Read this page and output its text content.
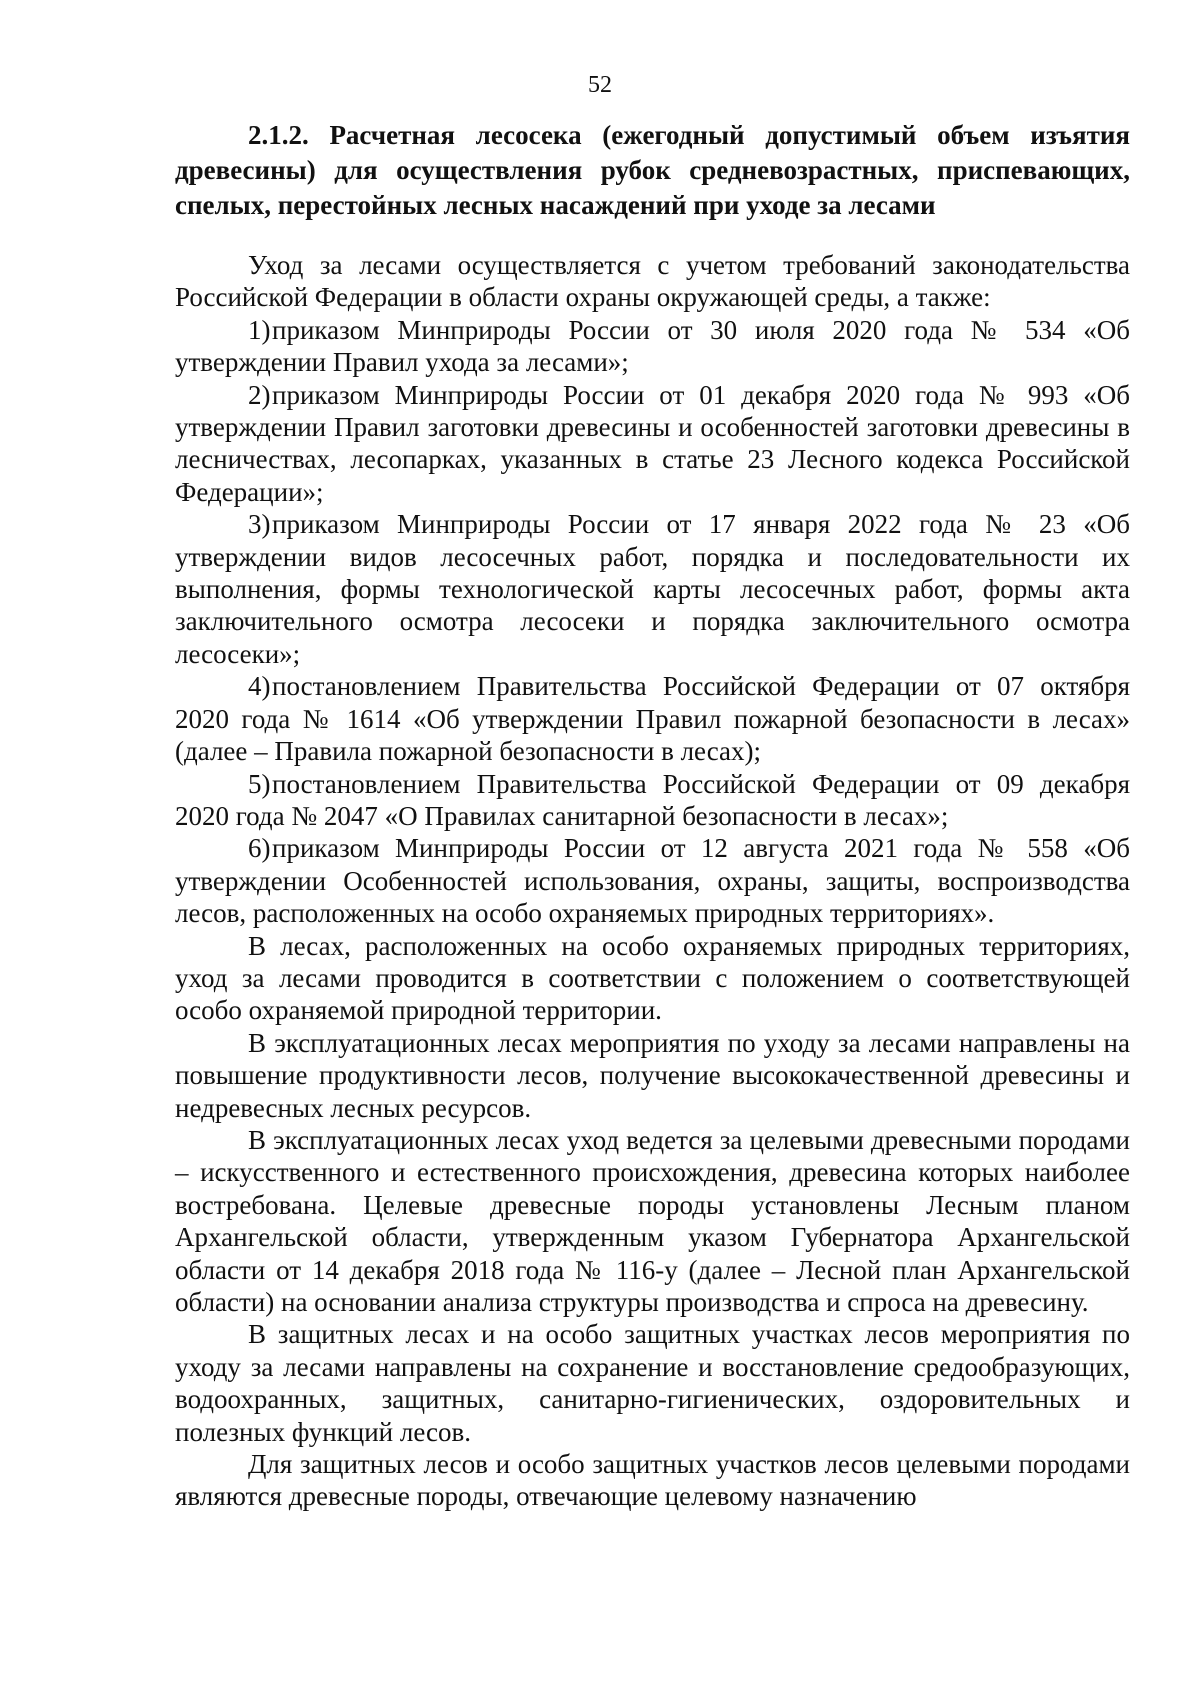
52

2.1.2. Расчетная лесосека (ежегодный допустимый объем изъятия древесины) для осуществления рубок средневозрастных, приспевающих, спелых, перестойных лесных насаждений при уходе за лесами

Уход за лесами осуществляется с учетом требований законодательства Российской Федерации в области охраны окружающей среды, а также:

1)приказом Минприроды России от 30 июля 2020 года № 534 «Об утверждении Правил ухода за лесами»;

2)приказом Минприроды России от 01 декабря 2020 года № 993 «Об утверждении Правил заготовки древесины и особенностей заготовки древесины в лесничествах, лесопарках, указанных в статье 23 Лесного кодекса Российской Федерации»;

3)приказом Минприроды России от 17 января 2022 года № 23 «Об утверждении видов лесосечных работ, порядка и последовательности их выполнения, формы технологической карты лесосечных работ, формы акта заключительного осмотра лесосеки и порядка заключительного осмотра лесосеки»;

4)постановлением Правительства Российской Федерации от 07 октября 2020 года № 1614 «Об утверждении Правил пожарной безопасности в лесах» (далее – Правила пожарной безопасности в лесах);

5)постановлением Правительства Российской Федерации от 09 декабря 2020 года № 2047 «О Правилах санитарной безопасности в лесах»;

6)приказом Минприроды России от 12 августа 2021 года № 558 «Об утверждении Особенностей использования, охраны, защиты, воспроизводства лесов, расположенных на особо охраняемых природных территориях».

В лесах, расположенных на особо охраняемых природных территориях, уход за лесами проводится в соответствии с положением о соответствующей особо охраняемой природной территории.

В эксплуатационных лесах мероприятия по уходу за лесами направлены на повышение продуктивности лесов, получение высококачественной древесины и недревесных лесных ресурсов.

В эксплуатационных лесах уход ведется за целевыми древесными породами – искусственного и естественного происхождения, древесина которых наиболее востребована. Целевые древесные породы установлены Лесным планом Архангельской области, утвержденным указом Губернатора Архангельской области от 14 декабря 2018 года № 116-у (далее – Лесной план Архангельской области) на основании анализа структуры производства и спроса на древесину.

В защитных лесах и на особо защитных участках лесов мероприятия по уходу за лесами направлены на сохранение и восстановление средообразующих, водоохранных, защитных, санитарно-гигиенических, оздоровительных и полезных функций лесов.

Для защитных лесов и особо защитных участков лесов целевыми породами являются древесные породы, отвечающие целевому назначению
